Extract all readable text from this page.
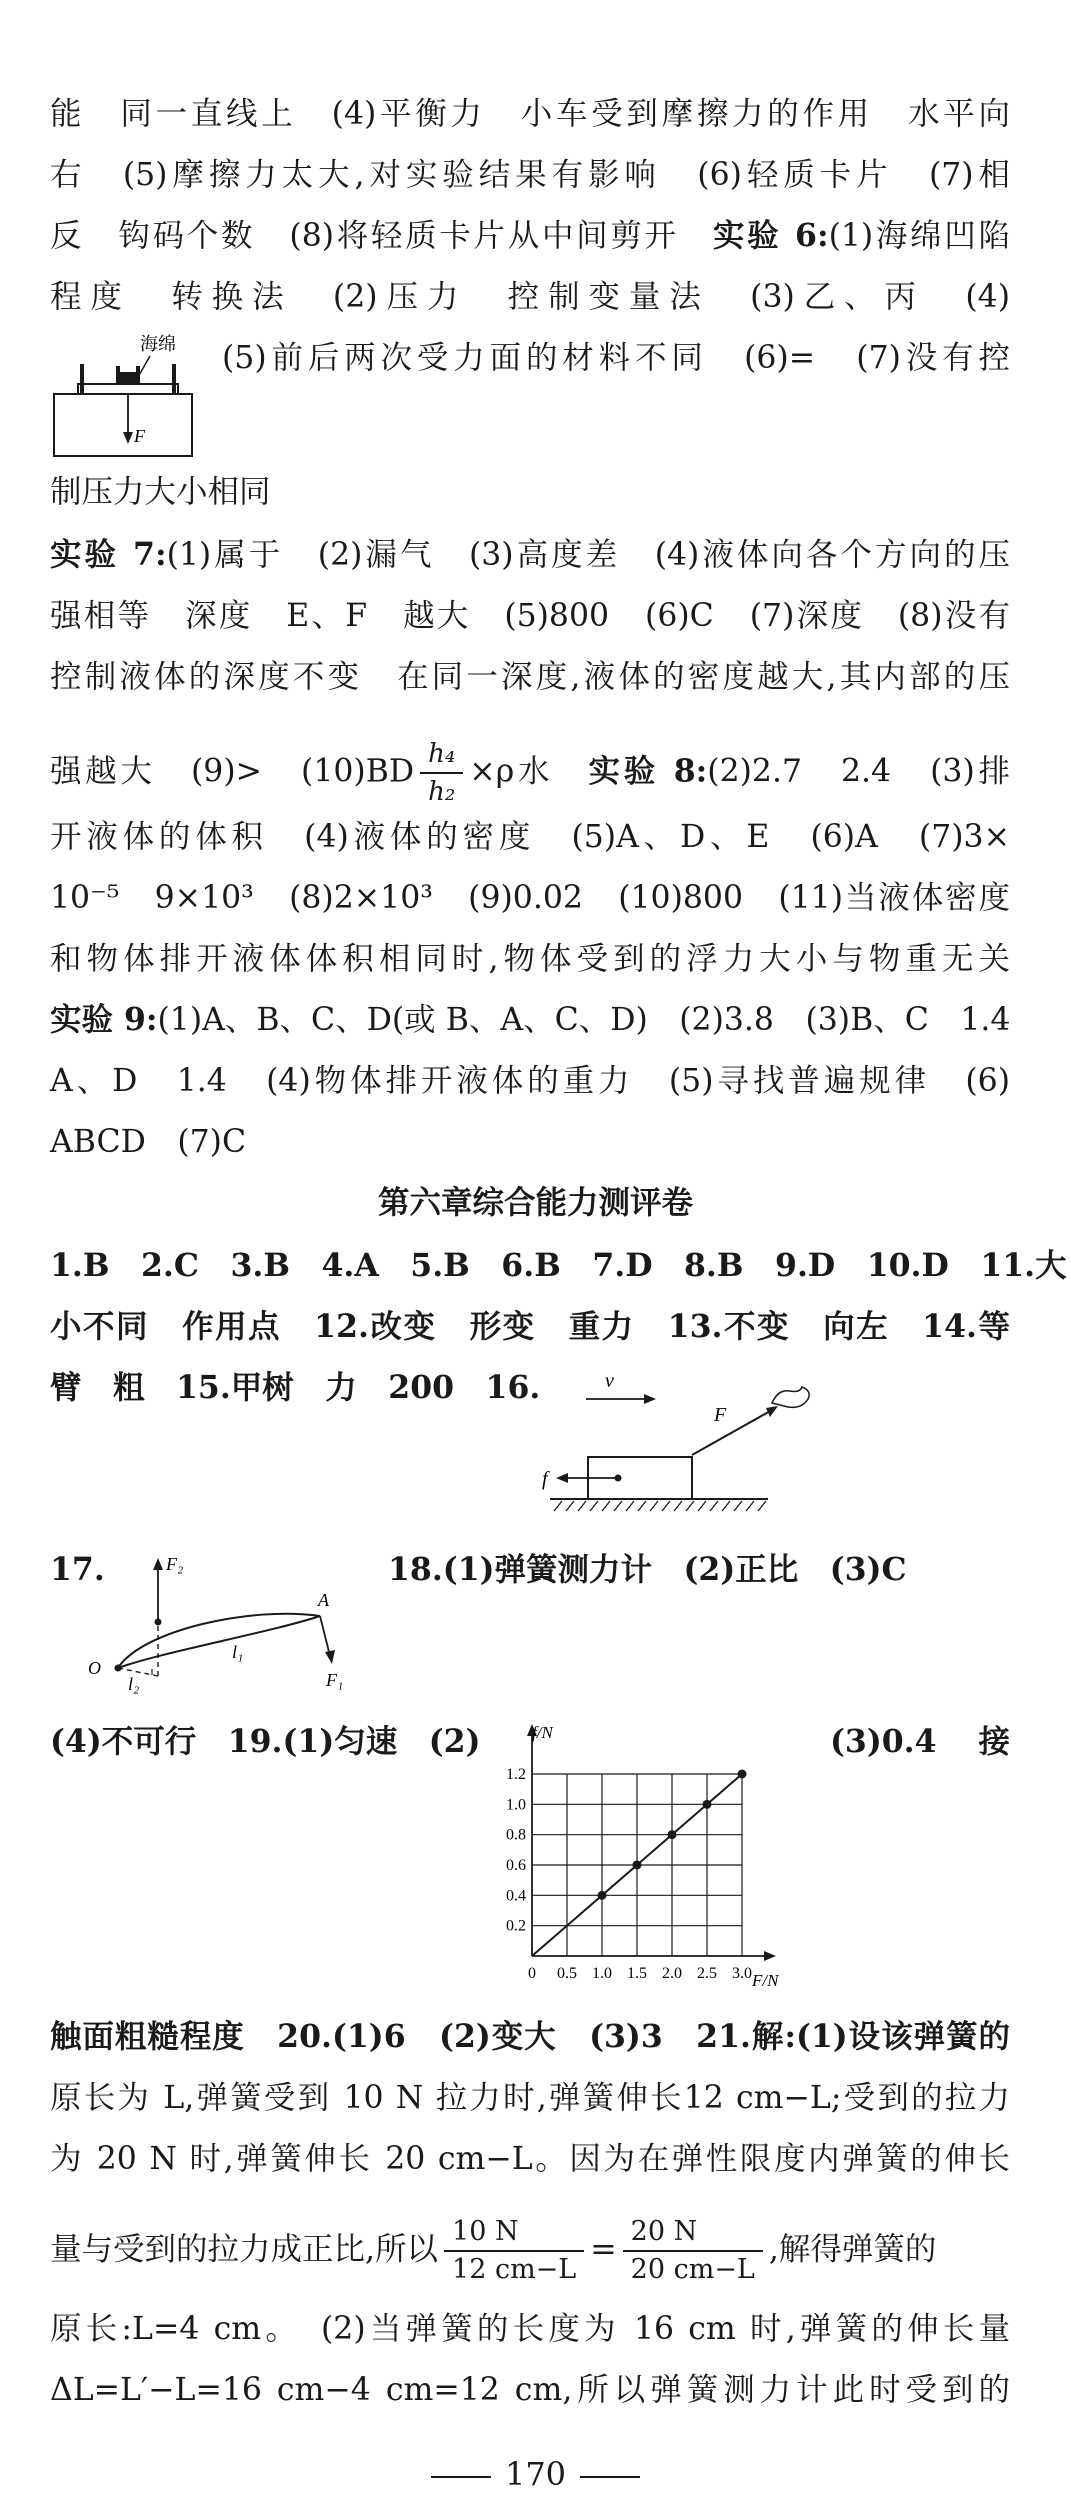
能　同一直线上　(4)平衡力　小车受到摩擦力的作用　水平向
右　(5)摩擦力太大,对实验结果有影响　(6)轻质卡片　(7)相
反　钩码个数　(8)将轻质卡片从中间剪开　实验 6:(1)海绵凹陷
程度　转换法　(2)压力　控制变量法　(3)乙、丙　(4)
海绵
F
(5)前后两次受力面的材料不同　(6)=　(7)没有控
制压力大小相同
实验 7:(1)属于　(2)漏气　(3)高度差　(4)液体向各个方向的压
强相等　深度　E、F　越大　(5)800　(6)C　(7)深度　(8)没有
控制液体的深度不变　在同一深度,液体的密度越大,其内部的压
强越大　(9)>　$(10)BD \frac{\text{h₄}}{\text{h₂}} \times\rho$水　 实验 8:(2)2.7　2.4　(3)排
开液体的体积　(4)液体的密度　(5)A、D、E　(6)A　(7)3×
10⁻⁵　9×10³　(8)2×10³　(9)0.02　(10)800　(11)当液体密度
和物体排开液体体积相同时,物体受到的浮力大小与物重无关
实验 9:(1)A、B、C、D(或 B、A、C、D)　(2)3.8　(3)B、C　1.4
A、D　1.4　(4)物体排开液体的重力　(5)寻找普遍规律　(6)
ABCD　(7)C
第六章综合能力测评卷
1.B　2.C　3.B　4.A　5.B　6.B　7.D　8.B　9.D　10.D　11.大
小不同　作用点　12.改变　形变　重力　13.不变　向左　14.等
臂　粗　15.甲树　力　200　16.	v
F
f
17.	F₂
A
O
l₁
l₂	F₁
18.(1)弹簧测力计　(2)正比　(3)C
(4)不可行　19.(1)匀速　(2)	(3)0.4　接
0 0.5 1.0 1.5 2.0 2.5 3.0
0.2
0.4
0.6
0.8
1.0
1.2
f/N
F/N
触面粗糙程度　20.(1)6　(2)变大　(3)3　21.解:(1)设该弹簧的
原长为 L,弹簧受到 10 N 拉力时,弹簧伸长12 cm−L;受到的拉力
为 20 N 时,弹簧伸长 20 cm−L。因为在弹性限度内弹簧的伸长
量与受到的拉力成正比,所以 $\frac{10 N}{12 cm-L} = \frac{20 N}{20 cm-L}$ ,解得弹簧的
原长:L=4 cm。　(2)当弹簧的长度为 16 cm 时,弹簧的伸长量
ΔL=L′−L=16 cm−4 cm=12 cm,所以弹簧测力计此时受到的
170
